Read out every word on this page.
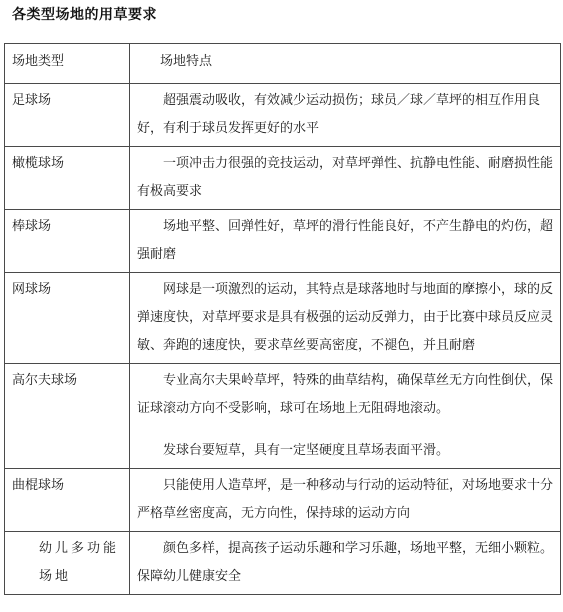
各类型场地的用草要求
场地类型	场地特点
足球场	超强震动吸收，有效减少运动损伤；球员／球／草坪的相互作用良好，有利于球员发挥更好的水平

橄榄球场	一项冲击力很强的竞技运动，对草坪弹性、抗静电性能、耐磨损性能有极高要求

棒球场	场地平整、回弹性好，草坪的滑行性能良好，不产生静电的灼伤，超强耐磨

网球场	网球是一项激烈的运动，其特点是球落地时与地面的摩擦小，球的反弹速度快，对草坪要求是具有极强的运动反弹力，由于比赛中球员反应灵敏、奔跑的速度快，要求草丝要高密度，不褪色，并且耐磨

高尔夫球场	专业高尔夫果岭草坪，特殊的曲草结构，确保草丝无方向性倒伏，保证球滚动方向不受影响，球可在场地上无阻碍地滚动。
发球台要短草，具有一定坚硬度且草场表面平滑。

曲棍球场	只能使用人造草坪，是一种移动与行动的运动特征，对场地要求十分严格草丝密度高，无方向性，保持球的运动方向

幼儿多功能场地	颜色多样，提高孩子运动乐趣和学习乐趣，场地平整，无细小颗粒。保障幼儿健康安全
